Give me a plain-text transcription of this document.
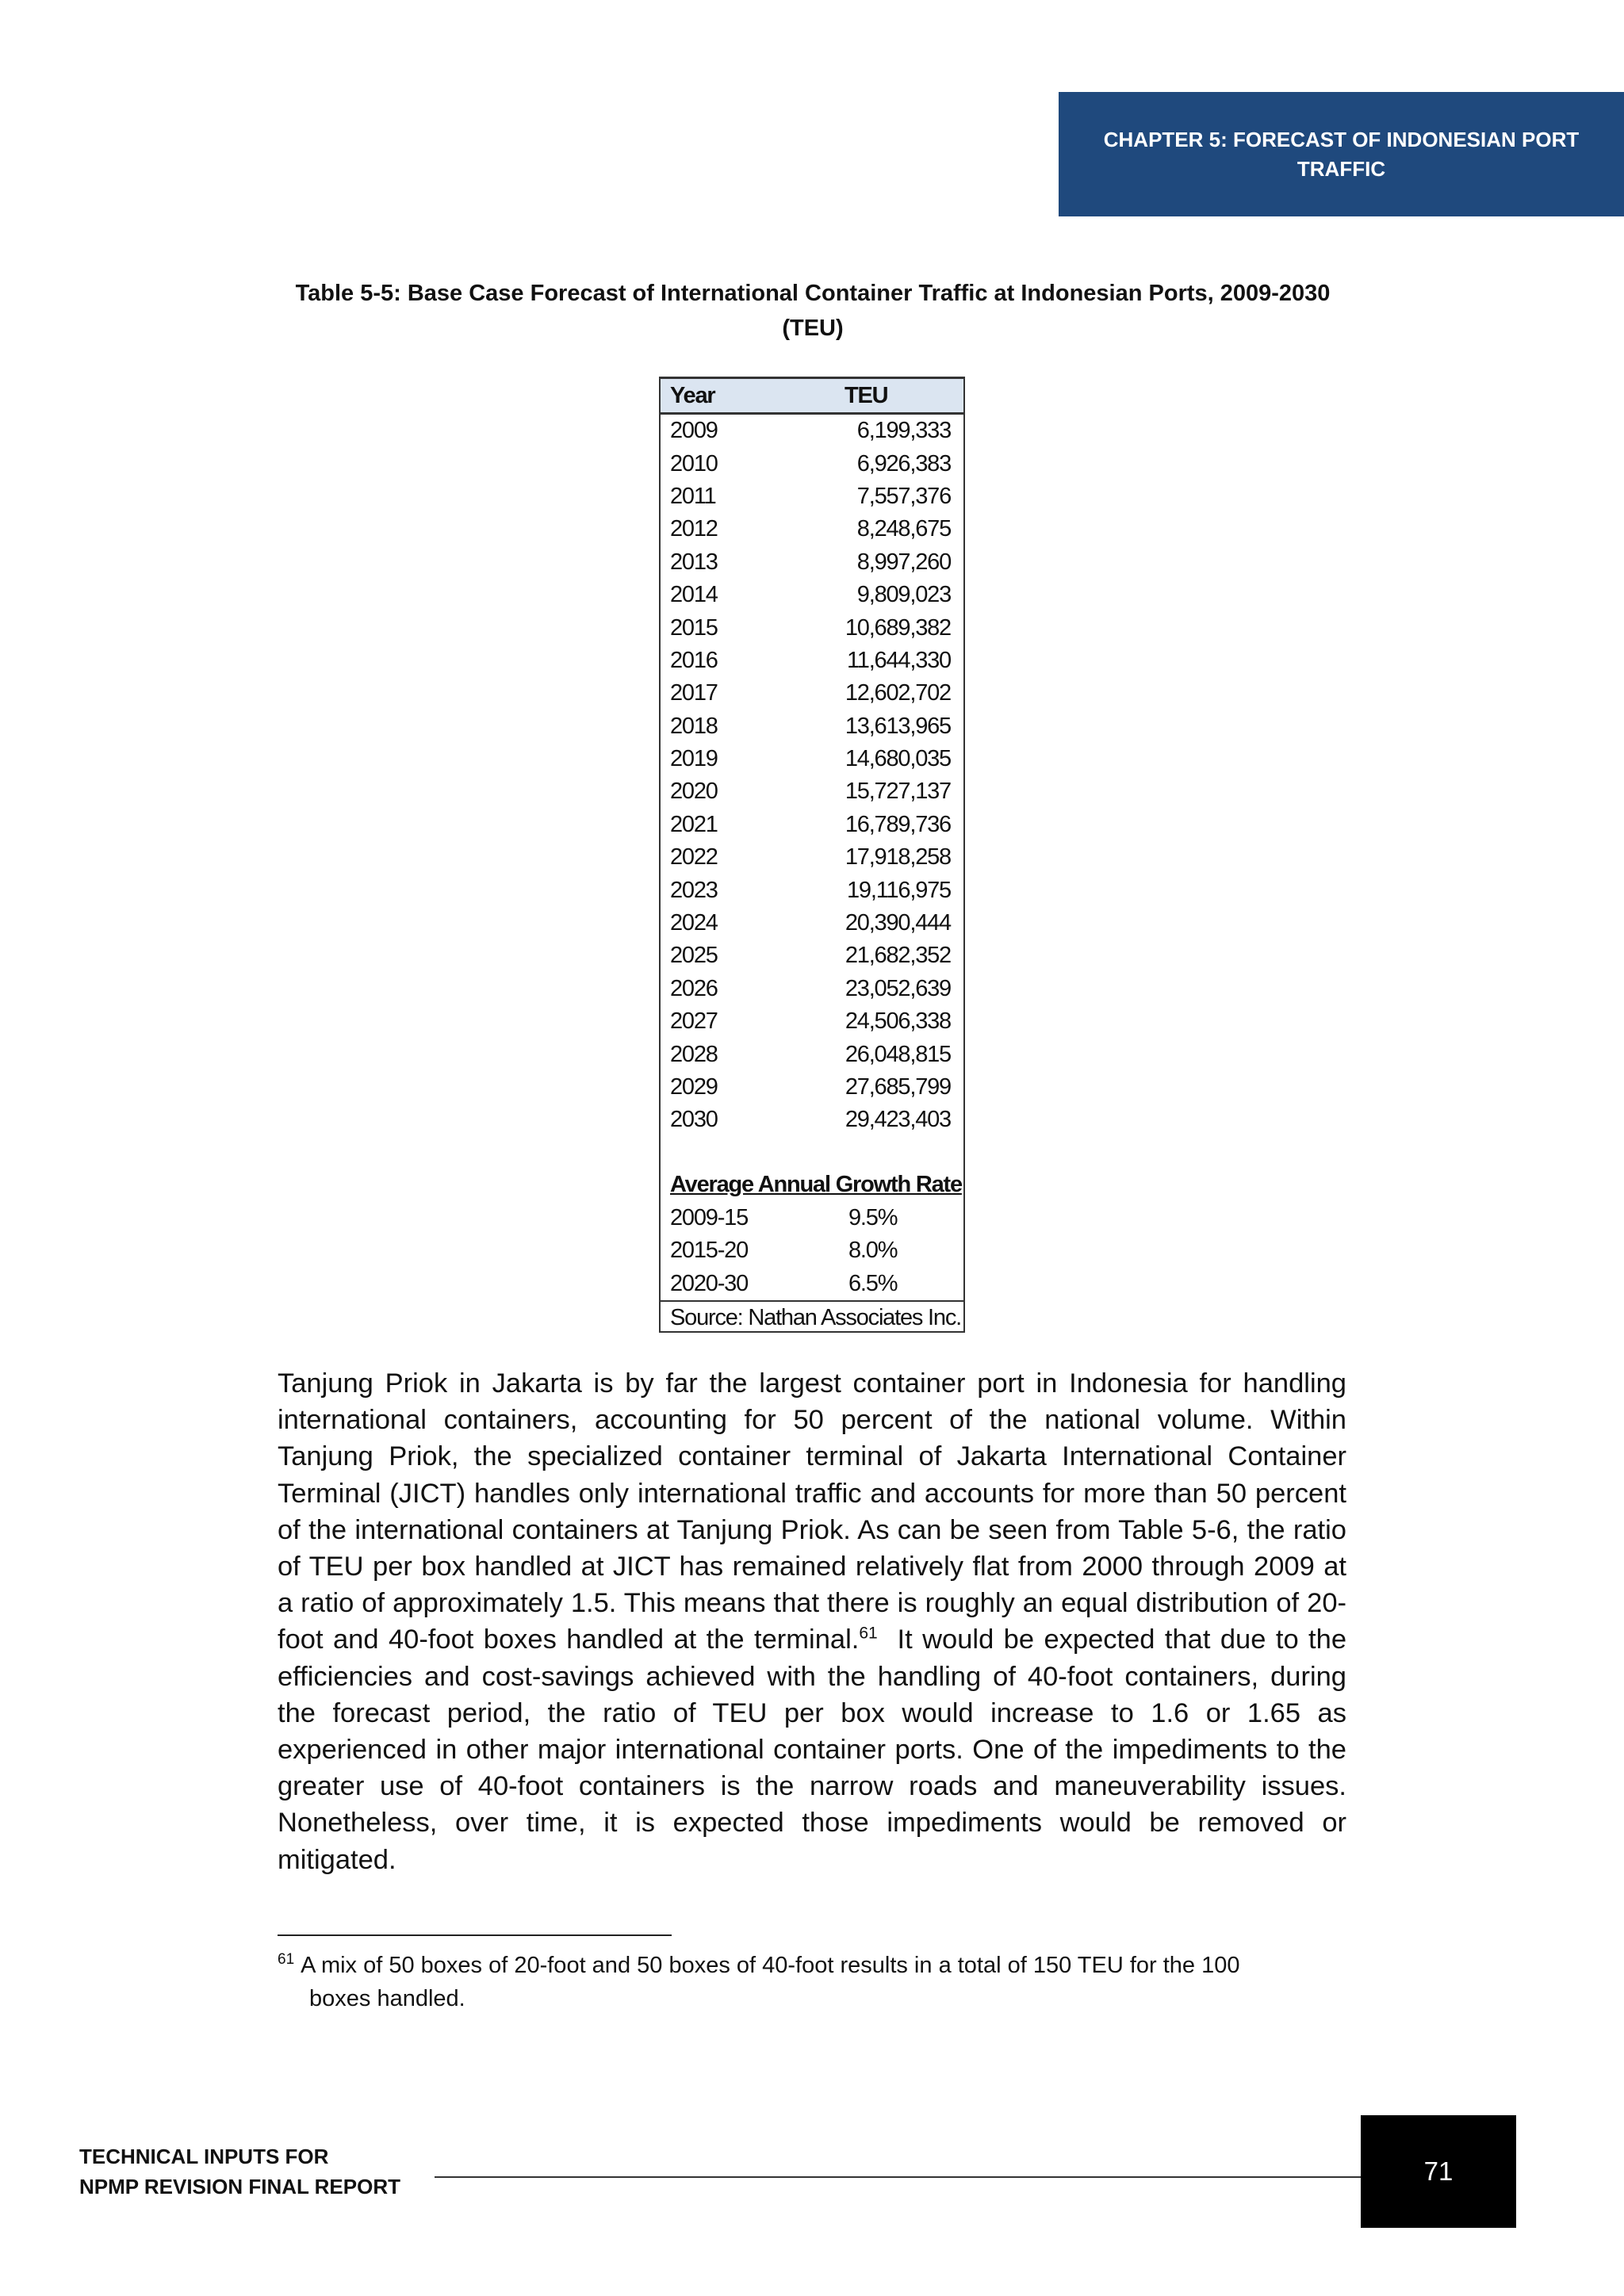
CHAPTER 5: FORECAST OF INDONESIAN PORT TRAFFIC
Table 5-5: Base Case Forecast of International Container Traffic at Indonesian Ports, 2009-2030 (TEU)
Year	TEU
2009	6,199,333
2010	6,926,383
2011	7,557,376
2012	8,248,675
2013	8,997,260
2014	9,809,023
2015	10,689,382
2016	11,644,330
2017	12,602,702
2018	13,613,965
2019	14,680,035
2020	15,727,137
2021	16,789,736
2022	17,918,258
2023	19,116,975
2024	20,390,444
2025	21,682,352
2026	23,052,639
2027	24,506,338
2028	26,048,815
2029	27,685,799
2030	29,423,403
Average Annual Growth Rate
2009-15	9.5%
2015-20	8.0%
2020-30	6.5%
Source: Nathan Associates Inc.

Tanjung Priok in Jakarta is by far the largest container port in Indonesia for handling international containers, accounting for 50 percent of the national volume. Within Tanjung Priok, the specialized container terminal of Jakarta International Container Terminal (JICT) handles only international traffic and accounts for more than 50 percent of the international containers at Tanjung Priok. As can be seen from Table 5-6, the ratio of TEU per box handled at JICT has remained relatively flat from 2000 through 2009 at a ratio of approximately 1.5. This means that there is roughly an equal distribution of 20-foot and 40-foot boxes handled at the terminal.$^{61}$ It would be expected that due to the efficiencies and cost-savings achieved with the handling of 40-foot containers, during the forecast period, the ratio of TEU per box would increase to 1.6 or 1.65 as experienced in other major international container ports. One of the impediments to the greater use of 40-foot containers is the narrow roads and maneuverability issues. Nonetheless, over time, it is expected those impediments would be removed or mitigated.

$^{61}$ A mix of 50 boxes of 20-foot and 50 boxes of 40-foot results in a total of 150 TEU for the 100
boxes handled.

TECHNICAL INPUTS FOR
NPMP REVISION FINAL REPORT
71
